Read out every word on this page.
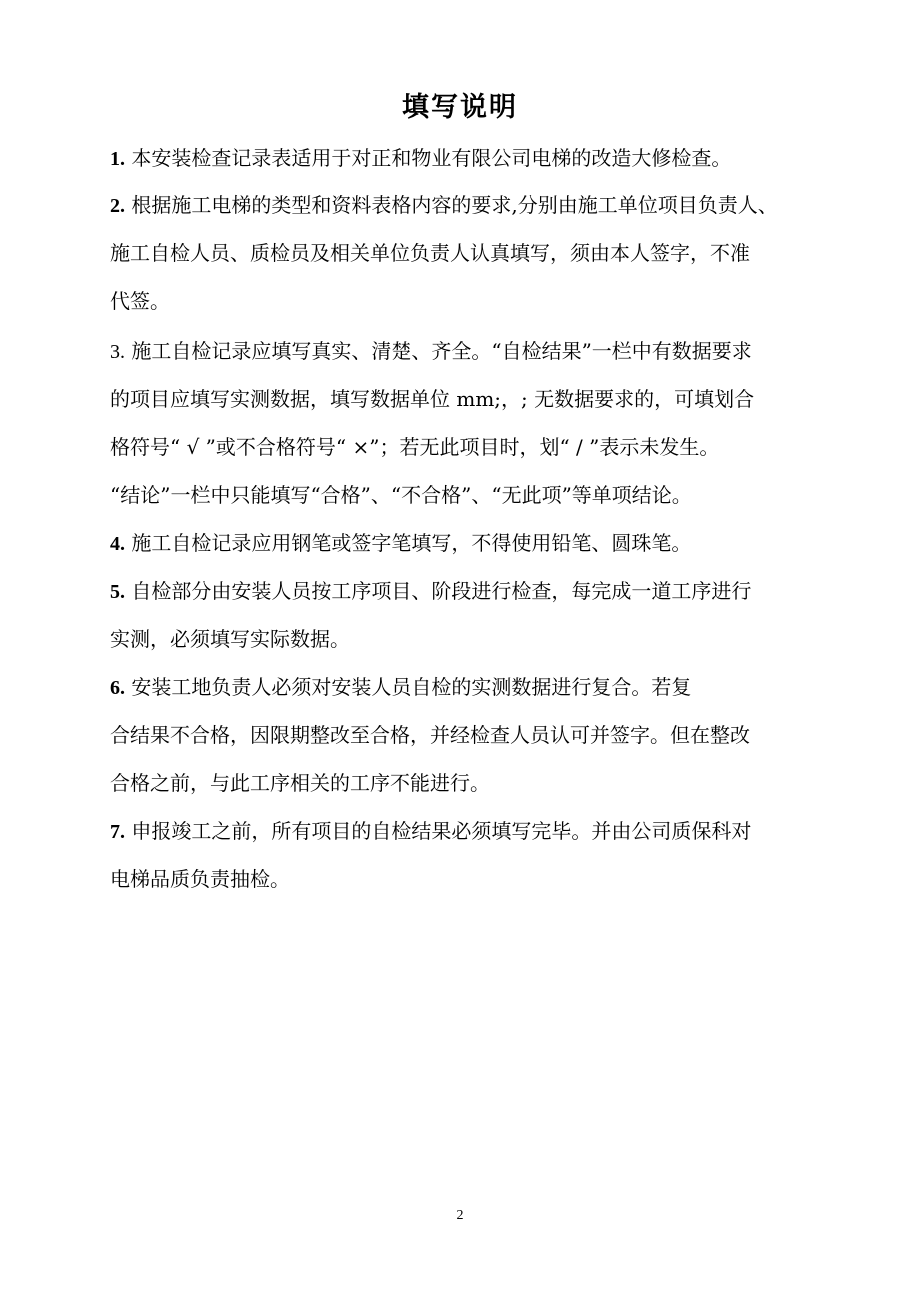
填写说明
1. 本安装检查记录表适用于对正和物业有限公司电梯的改造大修检查。
2. 根据施工电梯的类型和资料表格内容的要求,分别由施工单位项目负责人、
施工自检人员、质检员及相关单位负责人认真填写，须由本人签字，不准
代签。
3. 施工自检记录应填写真实、清楚、齐全。“自检结果”一栏中有数据要求
的项目应填写实测数据，填写数据单位 mm;，; 无数据要求的，可填划合
格符号“ √ ”或不合格符号“ ×”；若无此项目时，划“ / ”表示未发生。
“结论”一栏中只能填写“合格”、“不合格”、“无此项”等单项结论。
4. 施工自检记录应用钢笔或签字笔填写，不得使用铅笔、圆珠笔。
5. 自检部分由安装人员按工序项目、阶段进行检查，每完成一道工序进行
实测，必须填写实际数据。
6. 安装工地负责人必须对安装人员自检的实测数据进行复合。若复
合结果不合格，因限期整改至合格，并经检查人员认可并签字。但在整改
合格之前，与此工序相关的工序不能进行。
7. 申报竣工之前，所有项目的自检结果必须填写完毕。并由公司质保科对
电梯品质负责抽检。
2
